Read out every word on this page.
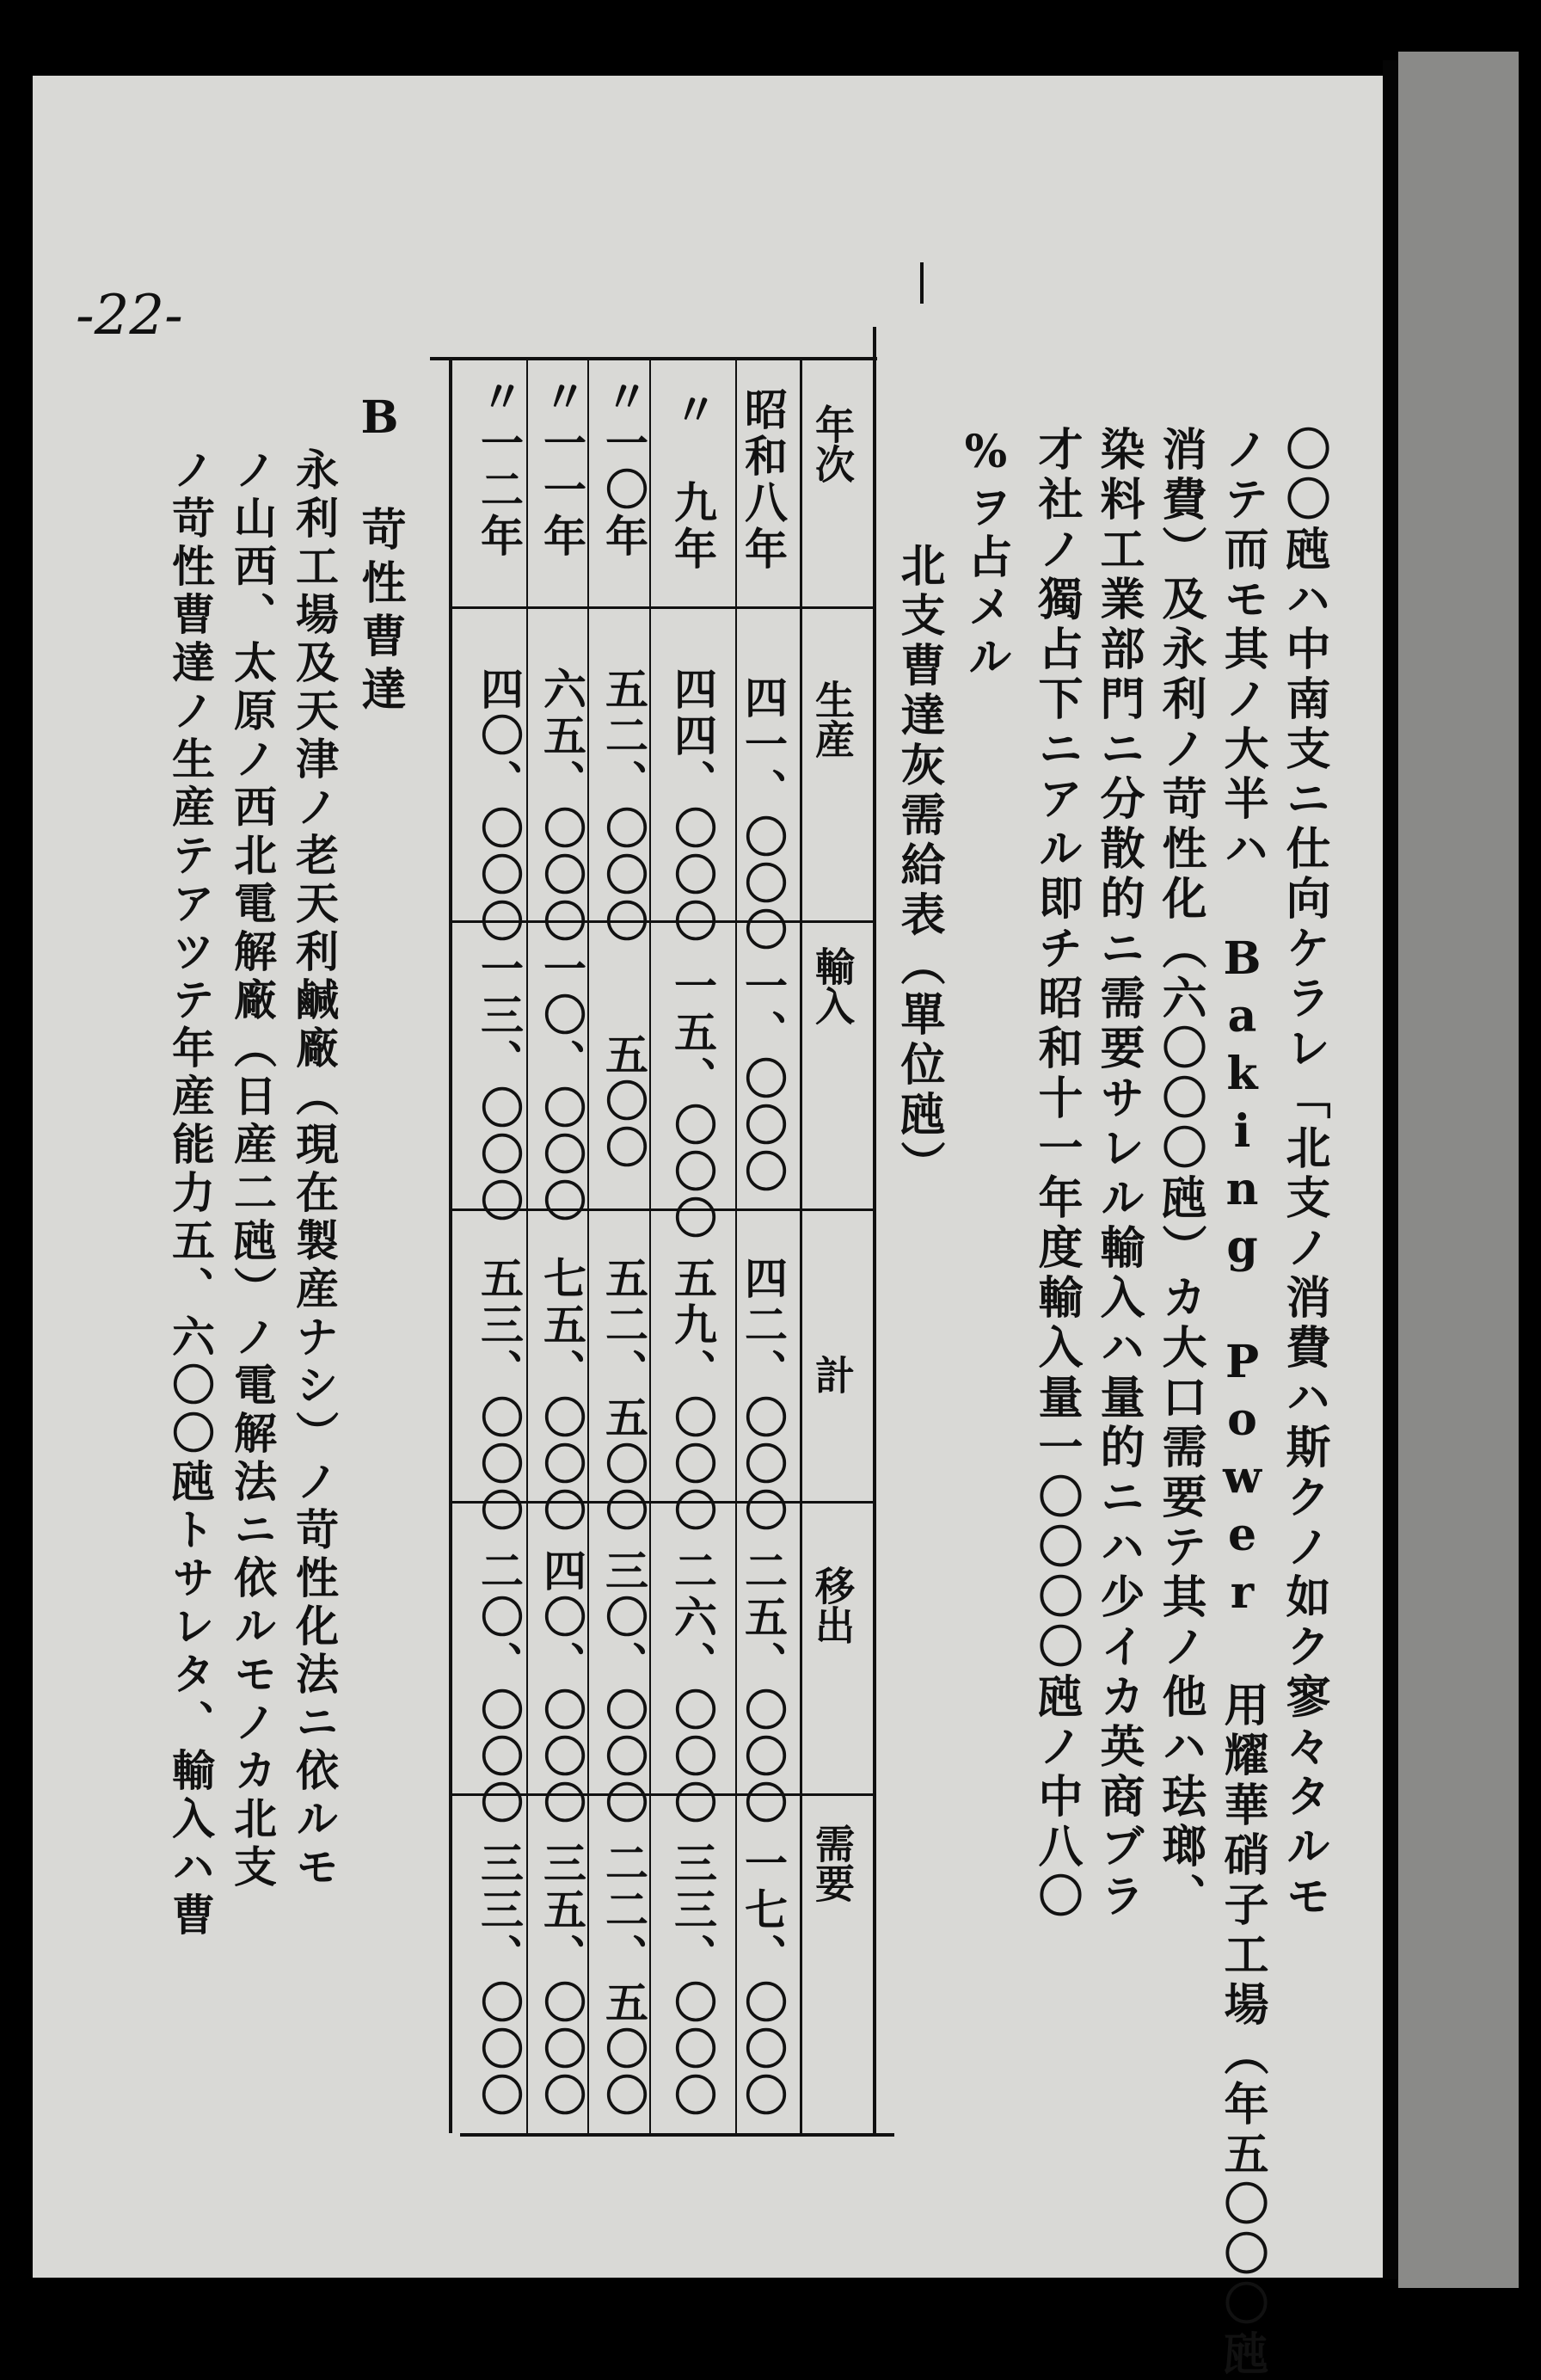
-22-
〇〇瓲ハ中南支ニ仕向ケラレ「北支ノ消費ハ斯クノ如ク寥々タルモ
ノテ而モ其ノ大半ハ Baking Power 用耀華硝子工場（年五〇〇〇瓲
消費）及永利ノ苛性化（六〇〇〇瓲）カ大口需要テ其ノ他ハ珐瑯、
染料工業部門ニ分散的ニ需要サレル輸入ハ量的ニハ少イカ英商ブラ
才社ノ獨占下ニアル即チ昭和十一年度輸入量一〇〇〇〇瓲ノ中八〇
%ヲ占メル
北支曹達灰需給表（單位瓲）
年次
生産
輸入
計
移出
需要
昭和八年
四一、〇〇〇
一、〇〇〇
四二、〇〇〇
二五、〇〇〇
一七、〇〇〇
〃　九年
四四、〇〇〇
一五、〇〇〇
五九、〇〇〇
二六、〇〇〇
三三、〇〇〇
〃一〇年
五二、〇〇〇
五〇〇
五二、五〇〇
三〇、〇〇〇
二二、五〇〇
〃一一年
六五、〇〇〇
一〇、〇〇〇
七五、〇〇〇
四〇、〇〇〇
三五、〇〇〇
〃一二年
四〇、〇〇〇
一三、〇〇〇
五三、〇〇〇
二〇、〇〇〇
三三、〇〇〇
B　苛性曹達
永利工場及天津ノ老天利鹹廠（現在製産ナシ）ノ苛性化法ニ依ルモ
ノ山西、太原ノ西北電解廠（日産二瓲）ノ電解法ニ依ルモノカ北支
ノ苛性曹達ノ生産テアツテ年産能力五、六〇〇瓲トサレタ、輸入ハ曹
